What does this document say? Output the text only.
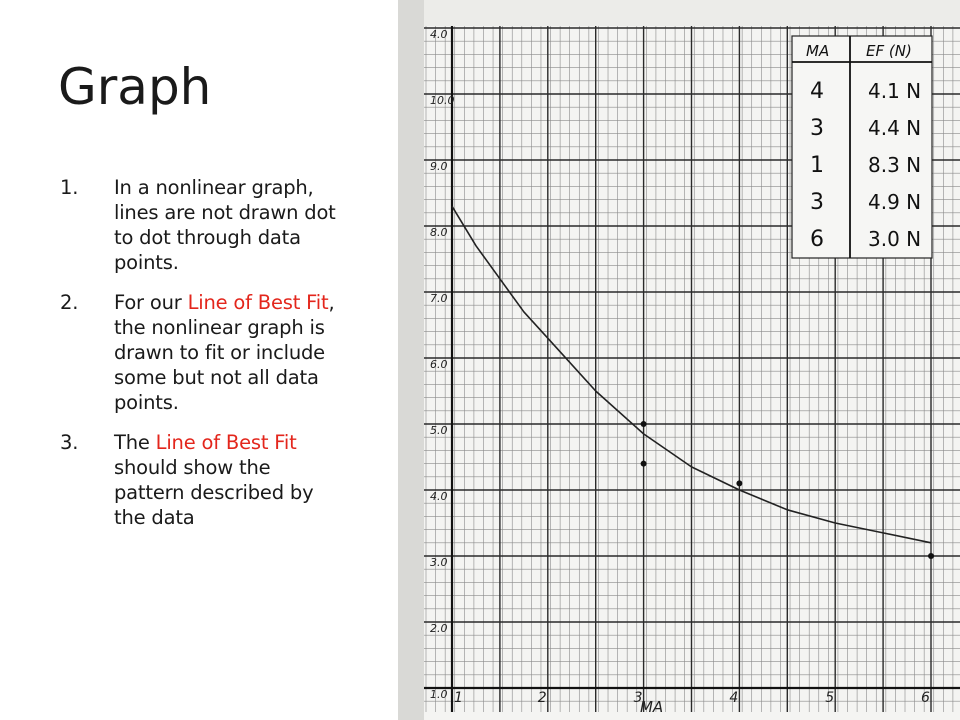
Graph
1. In a nonlinear graph, lines are not drawn dot to dot through data points.
2. For our Line of Best Fit, the nonlinear graph is drawn to fit or include some but not all data points.
3. The Line of Best Fit should show the pattern described by the data
MA EF (N)
4 4.1 N
3 4.4 N
1 8.3 N
3 4.9 N
6 3.0 N
1.0
2.0
3.0
4.0
5.0
6.0
7.0
8.0
9.0
10.0
4.0
1	2	3	4	5	6
MA
